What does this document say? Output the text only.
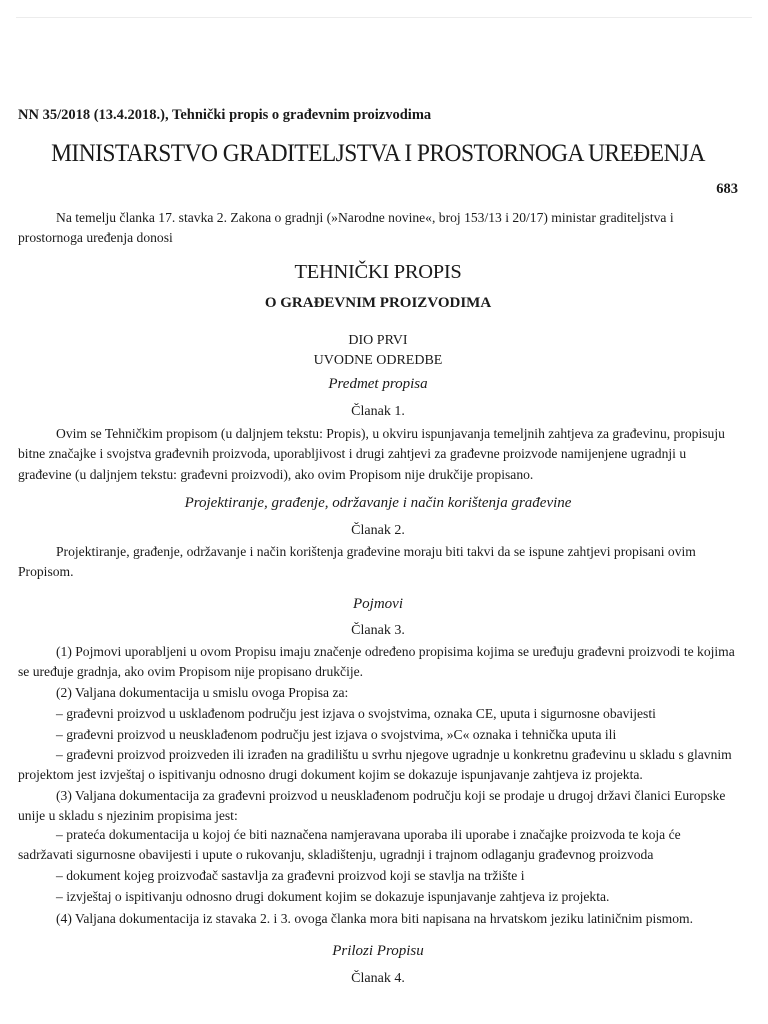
NN 35/2018 (13.4.2018.), Tehnički propis o građevnim proizvodima
MINISTARSTVO GRADITELJSTVA I PROSTORNOGA UREĐENJA
683
Na temelju članka 17. stavka 2. Zakona o gradnji (»Narodne novine«, broj 153/13 i 20/17) ministar graditeljstva i prostornoga uređenja donosi
TEHNIČKI PROPIS
O GRAĐEVNIM PROIZVODIMA
DIO PRVI
UVODNE ODREDBE
Predmet propisa
Članak 1.
Ovim se Tehničkim propisom (u daljnjem tekstu: Propis), u okviru ispunjavanja temeljnih zahtjeva za građevinu, propisuju bitne značajke i svojstva građevnih proizvoda, uporabljivost i drugi zahtjevi za građevne proizvode namijenjene ugradnji u građevine (u daljnjem tekstu: građevni proizvodi), ako ovim Propisom nije drukčije propisano.
Projektiranje, građenje, održavanje i način korištenja građevine
Članak 2.
Projektiranje, građenje, održavanje i način korištenja građevine moraju biti takvi da se ispune zahtjevi propisani ovim Propisom.
Pojmovi
Članak 3.
(1) Pojmovi uporabljeni u ovom Propisu imaju značenje određeno propisima kojima se uređuju građevni proizvodi te kojima se uređuje gradnja, ako ovim Propisom nije propisano drukčije.
(2) Valjana dokumentacija u smislu ovoga Propisa za:
– građevni proizvod u usklađenom području jest izjava o svojstvima, oznaka CE, uputa i sigurnosne obavijesti
– građevni proizvod u neusklađenom području jest izjava o svojstvima, »C« oznaka i tehnička uputa ili
– građevni proizvod proizveden ili izrađen na gradilištu u svrhu njegove ugradnje u konkretnu građevinu u skladu s glavnim projektom jest izvještaj o ispitivanju odnosno drugi dokument kojim se dokazuje ispunjavanje zahtjeva iz projekta.
(3) Valjana dokumentacija za građevni proizvod u neusklađenom području koji se prodaje u drugoj državi članici Europske unije u skladu s njezinim propisima jest:
– prateća dokumentacija u kojoj će biti naznačena namjeravana uporaba ili uporabe i značajke proizvoda te koja će sadržavati sigurnosne obavijesti i upute o rukovanju, skladištenju, ugradnji i trajnom odlaganju građevnog proizvoda
– dokument kojeg proizvođač sastavlja za građevni proizvod koji se stavlja na tržište i
– izvještaj o ispitivanju odnosno drugi dokument kojim se dokazuje ispunjavanje zahtjeva iz projekta.
(4) Valjana dokumentacija iz stavaka 2. i 3. ovoga članka mora biti napisana na hrvatskom jeziku latiničnim pismom.
Prilozi Propisu
Članak 4.
